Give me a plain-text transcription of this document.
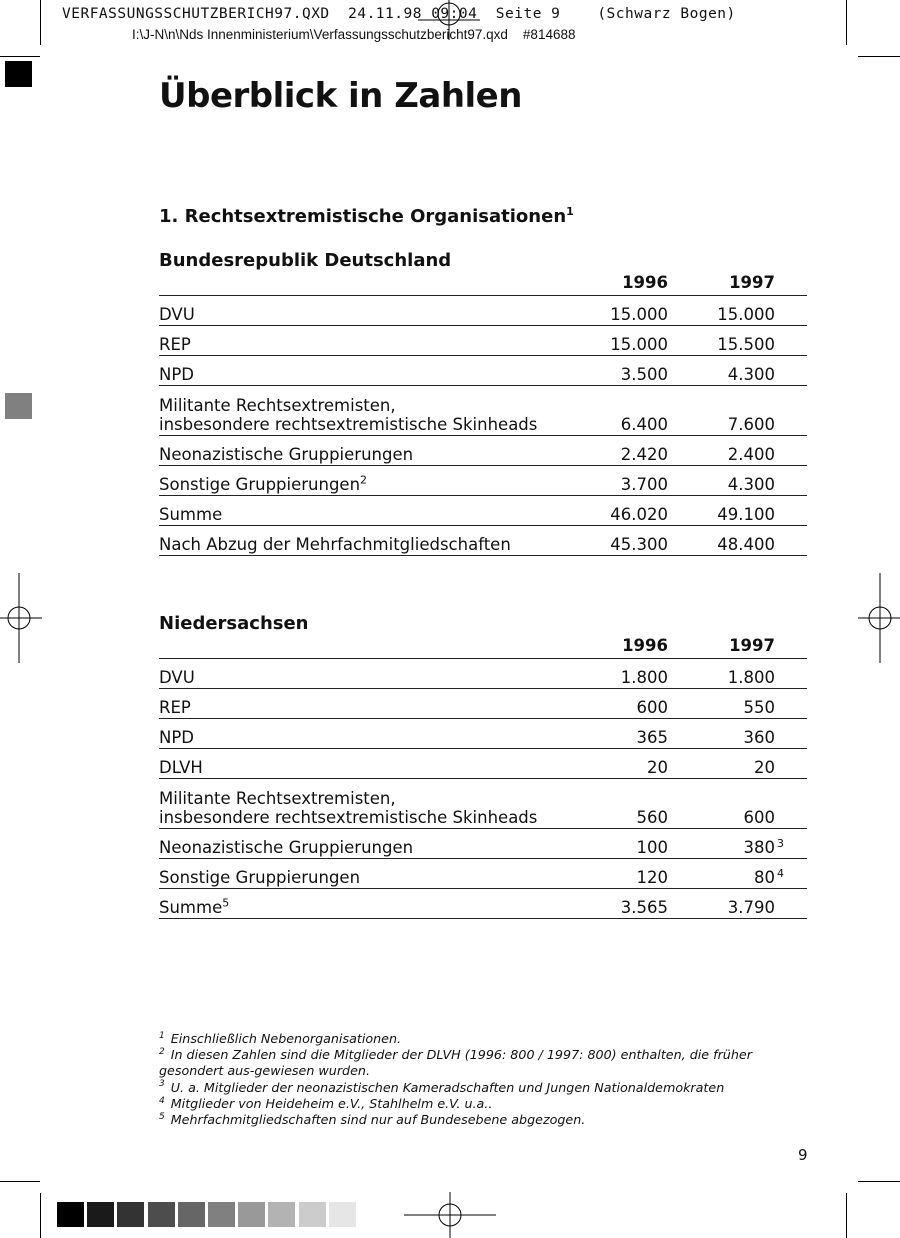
VERFASSUNGSSCHUTZBERICH97.QXD  24.11.98 09:04  Seite 9    (Schwarz Bogen)
I:\J-N\n\Nds Innenministerium\Verfassungsschutzbericht97.qxd    #814688
Überblick in Zahlen
1. Rechtsextremistische Organisationen$^1$
Bundesrepublik Deutschland
	1996	1997	
DVU	15.000	15.000	
REP	15.000	15.500	
NPD	3.500	4.300	

Militante Rechtsextremisten,
insbesondere rechtsextremistische Skinheads	6.400	7.600	
Neonazistische Gruppierungen	2.420	2.400	
Sonstige Gruppierungen$^2$	3.700	4.300	
Summe	46.020	49.100	
Nach Abzug der Mehrfachmitgliedschaften	45.300	48.400	
Niedersachsen
	1996	1997	
DVU	1.800	1.800	
REP	600	550	
NPD	365	360	
DLVH	20	20	

Militante Rechtsextremisten,
insbesondere rechtsextremistische Skinheads	560	600	
Neonazistische Gruppierungen	100	380	$^3$
Sonstige Gruppierungen	120	80	$^4$
Summe$^5$	3.565	3.790	
$^1$ Einschließlich Nebenorganisationen.
$^2$ In diesen Zahlen sind die Mitglieder der DLVH (1996: 800 / 1997: 800) enthalten, die früher gesondert aus-gewiesen wurden.
$^3$ U. a. Mitglieder der neonazistischen Kameradschaften und Jungen Nationaldemokraten
$^4$ Mitglieder von Heideheim e.V., Stahlhelm e.V. u.a..
$^5$ Mehrfachmitgliedschaften sind nur auf Bundesebene abgezogen.
9
